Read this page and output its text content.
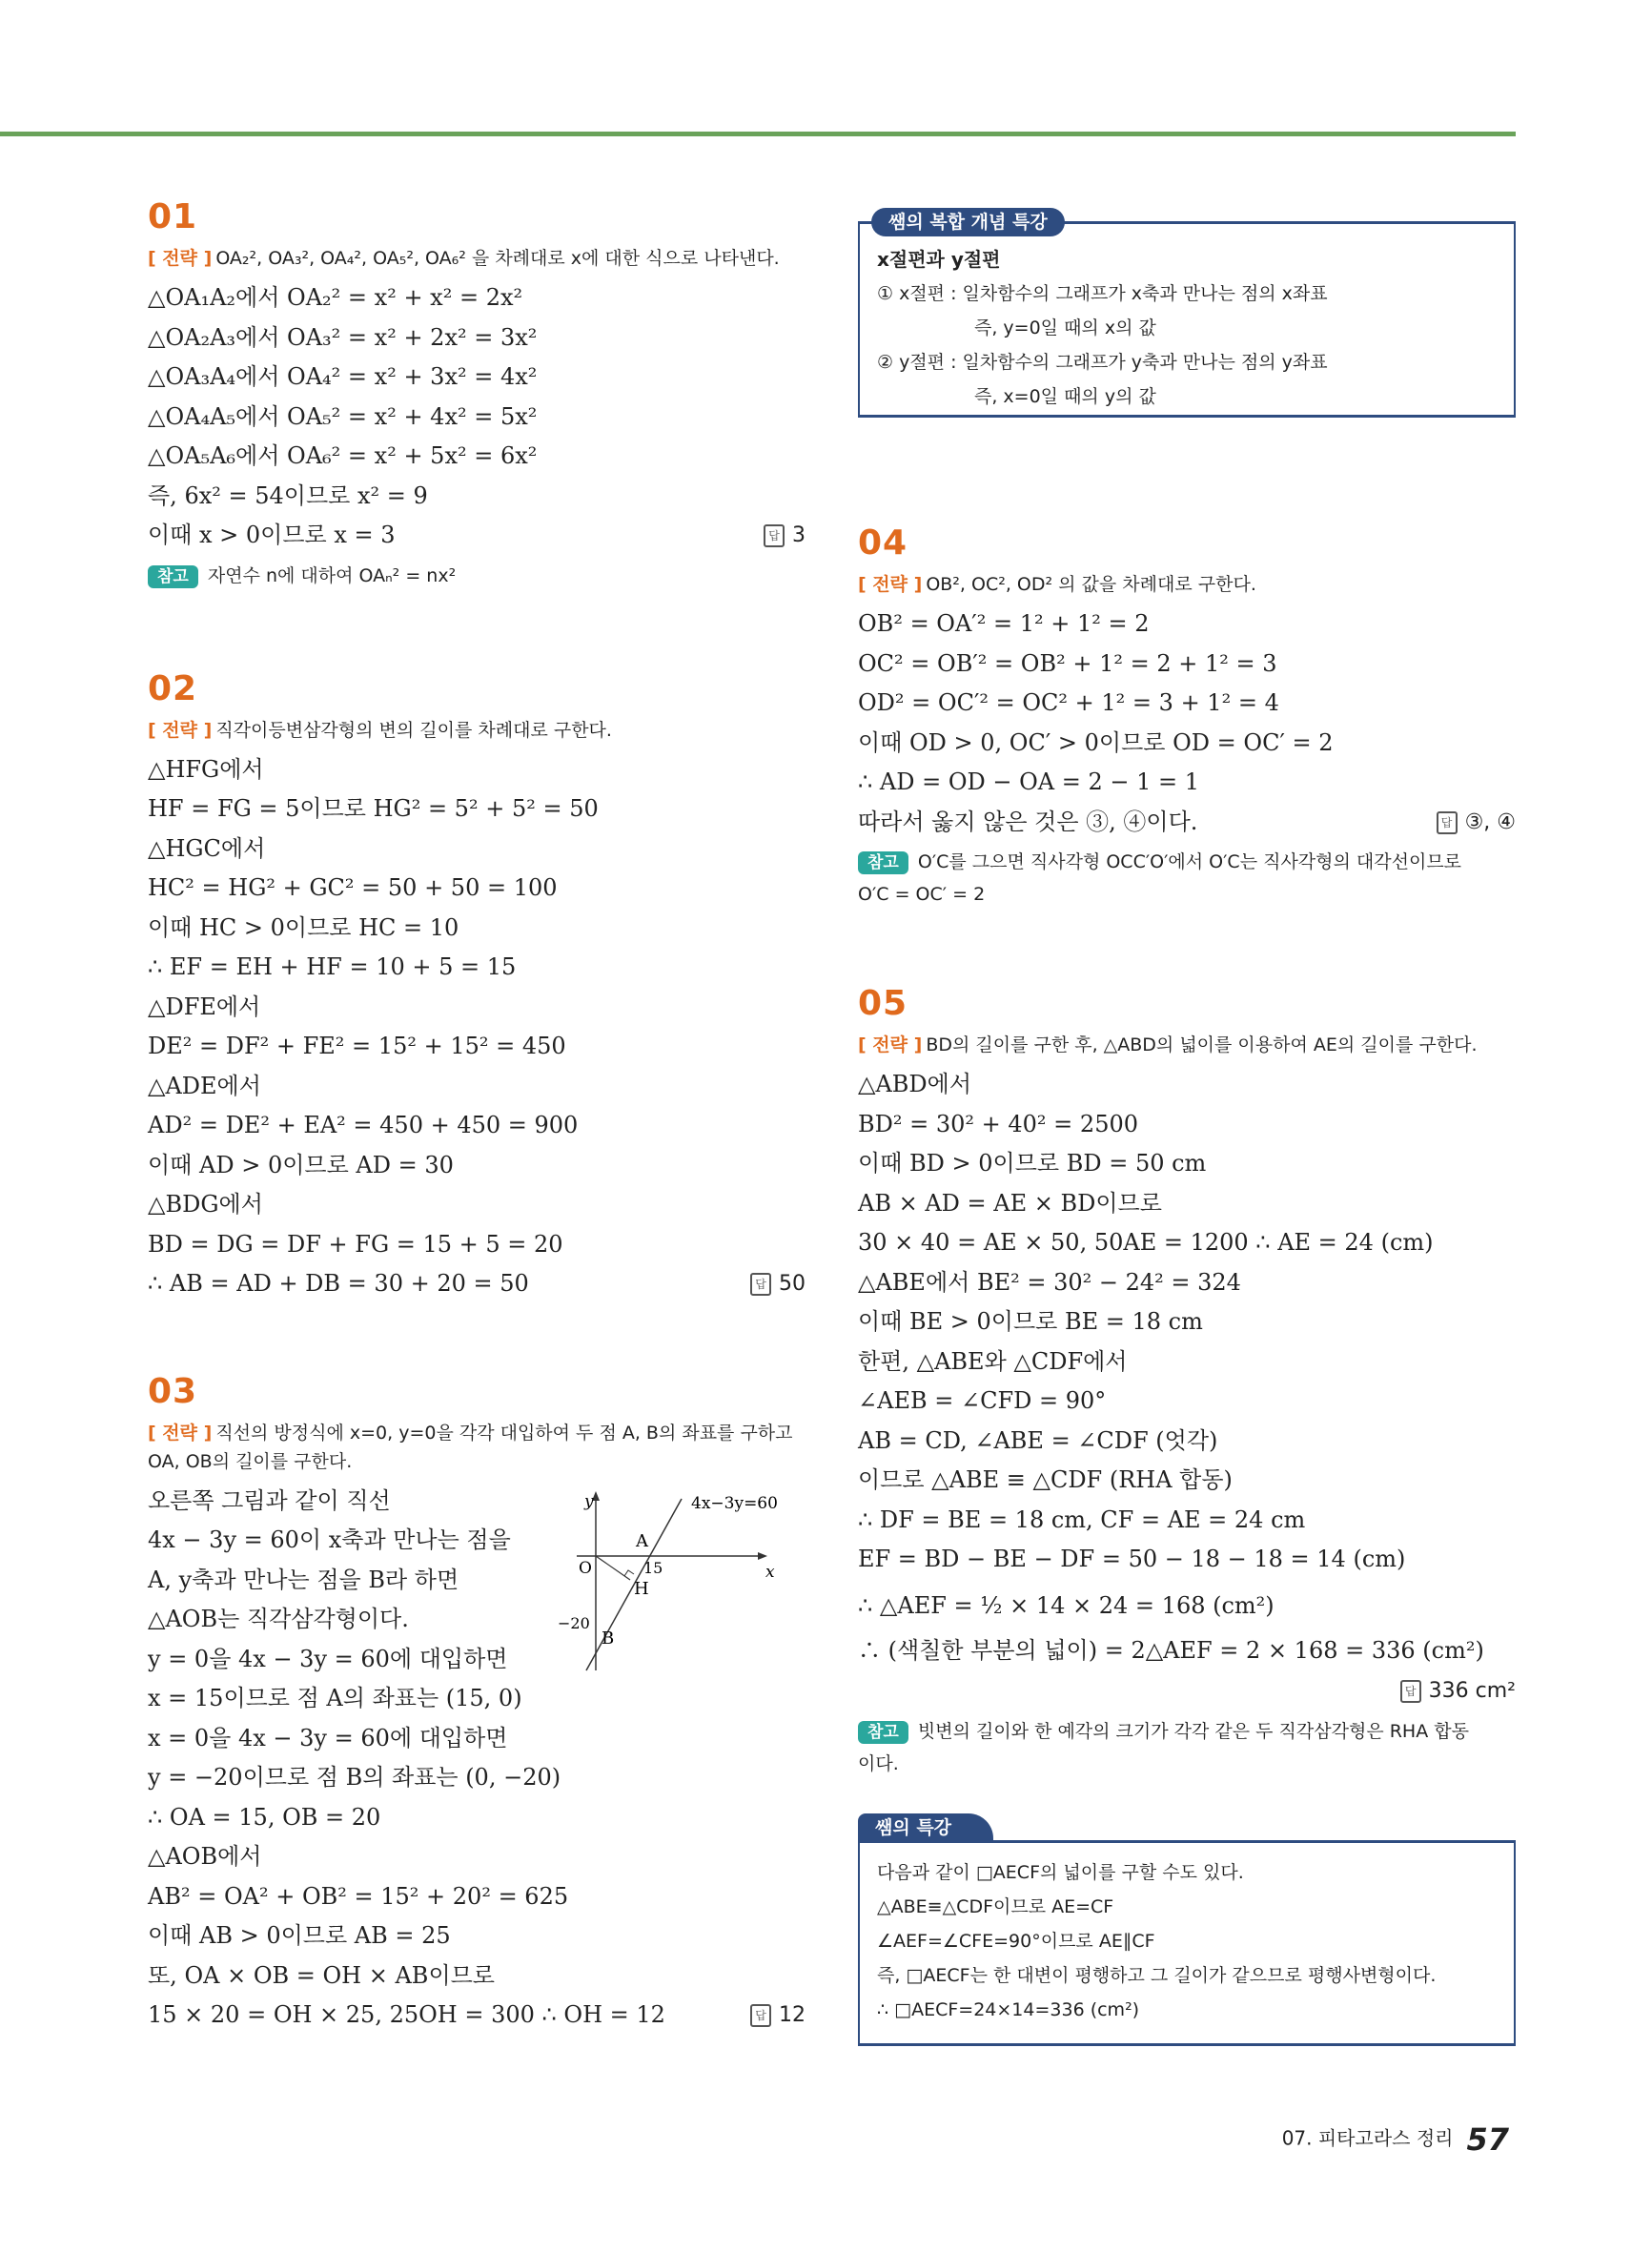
01
[ 전략 ] OA₂², OA₃², OA₄², OA₅², OA₆² 을 차례대로 x에 대한 식으로 나타낸다.
△OA₁A₂에서 OA₂² = x² + x² = 2x²
△OA₂A₃에서 OA₃² = x² + 2x² = 3x²
△OA₃A₄에서 OA₄² = x² + 3x² = 4x²
△OA₄A₅에서 OA₅² = x² + 4x² = 5x²
△OA₅A₆에서 OA₆² = x² + 5x² = 6x²
즉, 6x² = 54이므로 x² = 9
이때 x > 0이므로 x = 3	답 3
참고 자연수 n에 대하여 OAₙ² = nx²
02
[ 전략 ] 직각이등변삼각형의 변의 길이를 차례대로 구한다.
△HFG에서
HF = FG = 5이므로 HG² = 5² + 5² = 50
△HGC에서
HC² = HG² + GC² = 50 + 50 = 100
이때 HC > 0이므로 HC = 10
∴ EF = EH + HF = 10 + 5 = 15
△DFE에서
DE² = DF² + FE² = 15² + 15² = 450
△ADE에서
AD² = DE² + EA² = 450 + 450 = 900
이때 AD > 0이므로 AD = 30
△BDG에서
BD = DG = DF + FG = 15 + 5 = 20
∴ AB = AD + DB = 30 + 20 = 50	답 50
03
[ 전략 ] 직선의 방정식에 x=0, y=0을 각각 대입하여 두 점 A, B의 좌표를 구하고 OA, OB의 길이를 구한다.
오른쪽 그림과 같이 직선
4x − 3y = 60이 x축과 만나는 점을
A, y축과 만나는 점을 B라 하면
△AOB는 직각삼각형이다.
y = 0을 4x − 3y = 60에 대입하면
x = 15이므로 점 A의 좌표는 (15, 0)
x = 0을 4x − 3y = 60에 대입하면
y = −20이므로 점 B의 좌표는 (0, −20)
∴ OA = 15, OB = 20
△AOB에서
AB² = OA² + OB² = 15² + 20² = 625
이때 AB > 0이므로 AB = 25
또, OA × OB = OH × AB이므로
15 × 20 = OH × 25, 25OH = 300 ∴ OH = 12	답 12
y
x
O
A
15
H
−20
B
4x−3y=60
쌤의 복합 개념 특강
x절편과 y절편
① x절편 : 일차함수의 그래프가 x축과 만나는 점의 x좌표
즉, y=0일 때의 x의 값
② y절편 : 일차함수의 그래프가 y축과 만나는 점의 y좌표
즉, x=0일 때의 y의 값
04
[ 전략 ] OB², OC², OD² 의 값을 차례대로 구한다.
OB² = OA′² = 1² + 1² = 2
OC² = OB′² = OB² + 1² = 2 + 1² = 3
OD² = OC′² = OC² + 1² = 3 + 1² = 4
이때 OD > 0, OC′ > 0이므로 OD = OC′ = 2
∴ AD = OD − OA = 2 − 1 = 1
따라서 옳지 않은 것은 ③, ④이다.	답 ③, ④
참고 O′C를 그으면 직사각형 OCC′O′에서 O′C는 직사각형의 대각선이므로
O′C = OC′ = 2
05
[ 전략 ] BD의 길이를 구한 후, △ABD의 넓이를 이용하여 AE의 길이를 구한다.
△ABD에서
BD² = 30² + 40² = 2500
이때 BD > 0이므로 BD = 50 cm
AB × AD = AE × BD이므로
30 × 40 = AE × 50, 50AE = 1200 ∴ AE = 24 (cm)
△ABE에서 BE² = 30² − 24² = 324
이때 BE > 0이므로 BE = 18 cm
한편, △ABE와 △CDF에서
∠AEB = ∠CFD = 90°
AB = CD, ∠ABE = ∠CDF (엇각)
이므로 △ABE ≡ △CDF (RHA 합동)
∴ DF = BE = 18 cm, CF = AE = 24 cm
EF = BD − BE − DF = 50 − 18 − 18 = 14 (cm)
∴ △AEF = ½ × 14 × 24 = 168 (cm²)
∴ (색칠한 부분의 넓이) = 2△AEF = 2 × 168 = 336 (cm²)
답 336 cm²
참고 빗변의 길이와 한 예각의 크기가 각각 같은 두 직각삼각형은 RHA 합동
이다.
쌤의 특강
다음과 같이 □AECF의 넓이를 구할 수도 있다.
△ABE≡△CDF이므로 AE=CF
∠AEF=∠CFE=90°이므로 AE∥CF
즉, □AECF는 한 대변이 평행하고 그 길이가 같으므로 평행사변형이다.
∴ □AECF=24×14=336 (cm²)
07. 피타고라스 정리 57
